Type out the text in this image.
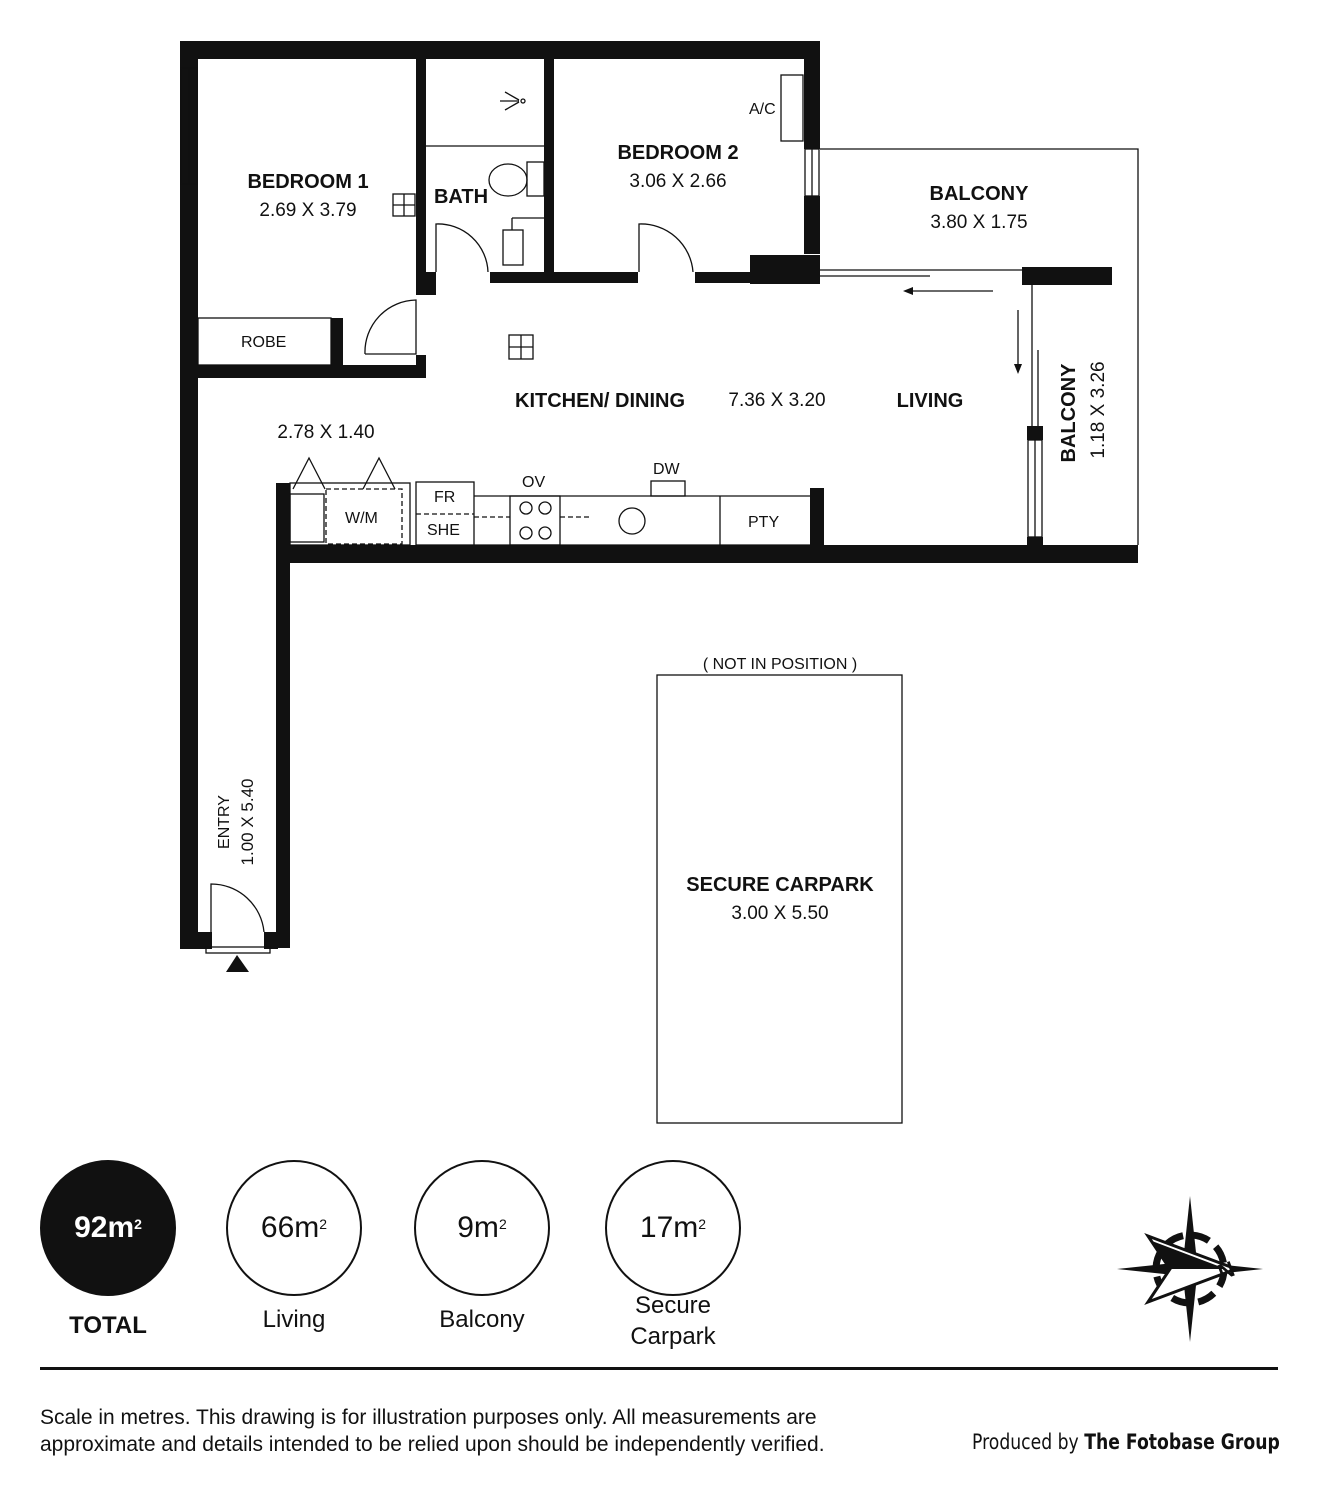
A/C
W/M
FR
SHE
OV
DW
PTY
ROBE
BEDROOM 1
2.69 X 3.79
BATH
BEDROOM 2
3.06 X 2.66
BALCONY
3.80 X 1.75
KITCHEN/ DINING 7.36 X 3.20	LIVING
2.78 X 1.40	BALCONY 1.18 X 3.26
ENTRY 1.00 X 5.40
( NOT IN POSITION )
SECURE CARPARK
3.00 X 5.50
N
$92m^2$
TOTAL
$66m^2$
Living
$9m^2$
Balcony
$17m^2$
Secure
Carpark
Scale in metres. This drawing is for illustration purposes only. All measurements are
approximate and details intended to be relied upon should be independently verified.	Produced by The Fotobase Group
